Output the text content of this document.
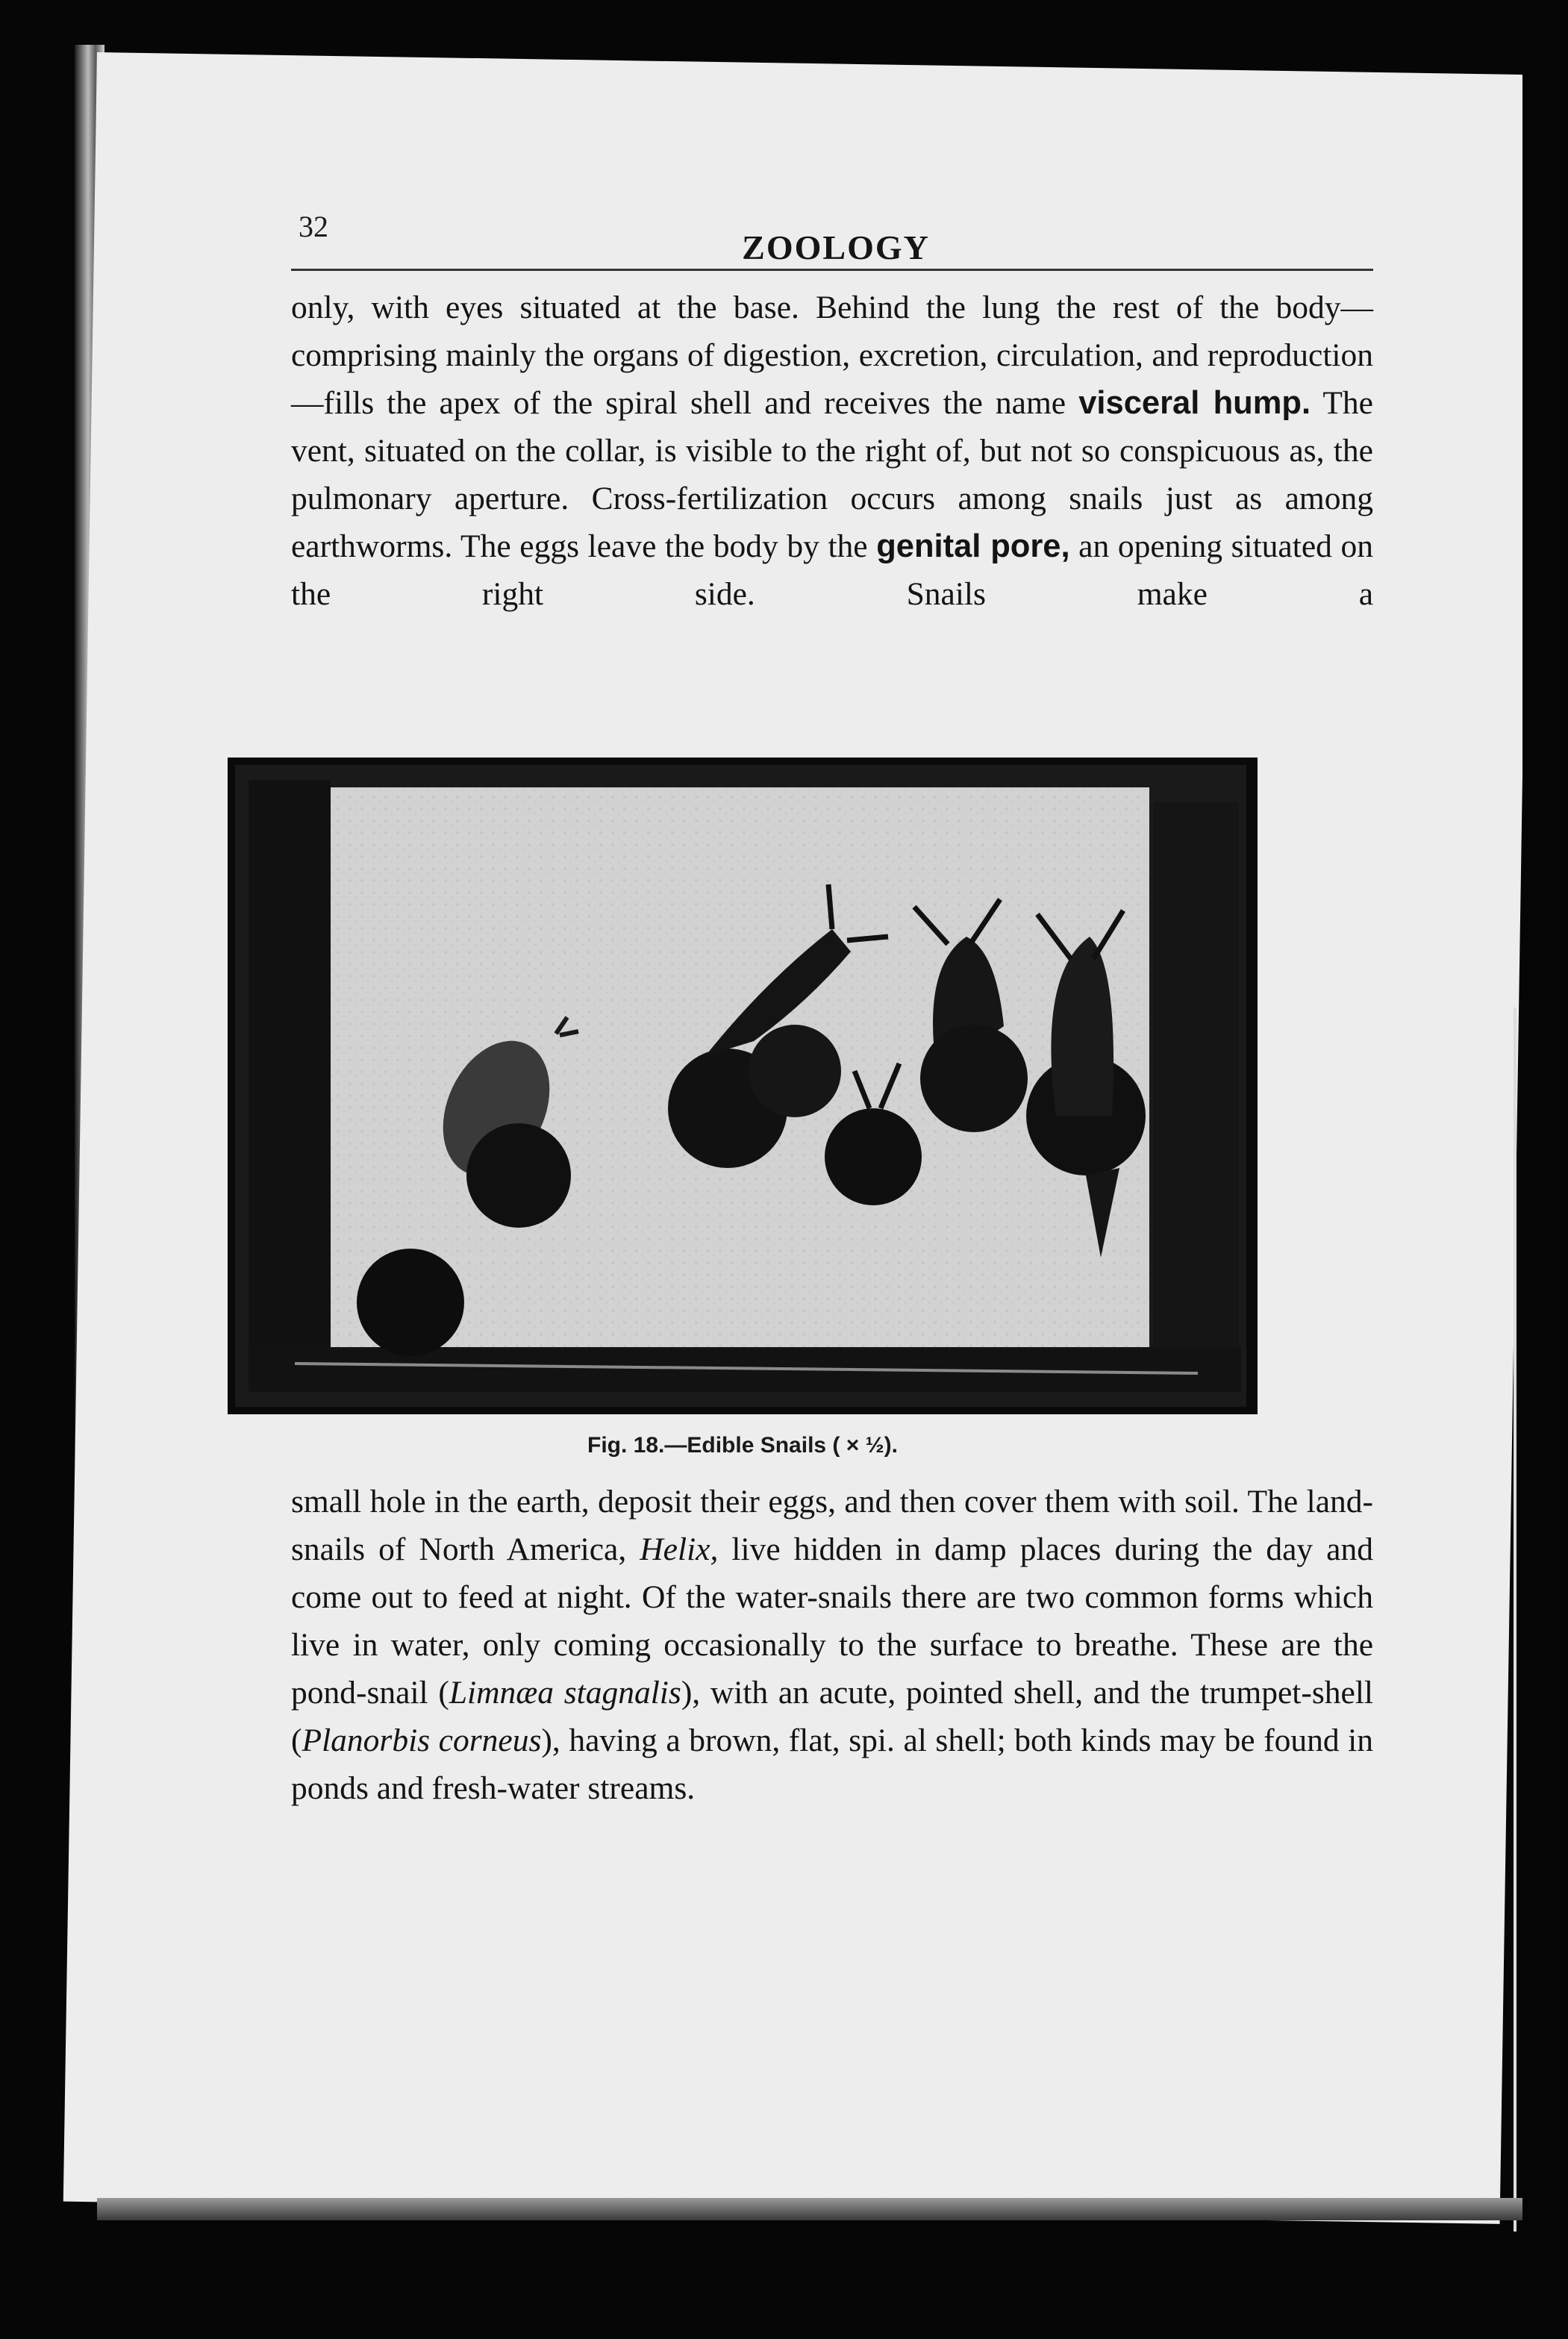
32
ZOOLOGY
only, with eyes situated at the base. Behind the lung the rest of the body—comprising mainly the organs of digestion, excretion, circulation, and reproduction—fills the apex of the spiral shell and receives the name visceral hump. The vent, situated on the collar, is visible to the right of, but not so conspicuous as, the pulmonary aperture. Cross-fertilization occurs among snails just as among earthworms. The eggs leave the body by the genital pore, an opening situated on the right side. Snails make a
Fig. 18.—Edible Snails ( × ½).
small hole in the earth, deposit their eggs, and then cover them with soil. The land-snails of North America, Helix, live hidden in damp places during the day and come out to feed at night. Of the water-snails there are two common forms which live in water, only coming occasionally to the surface to breathe. These are the pond-snail (Limnæa stagnalis), with an acute, pointed shell, and the trumpet-shell (Planorbis corneus), having a brown, flat, spi. al shell; both kinds may be found in ponds and fresh-water streams.
